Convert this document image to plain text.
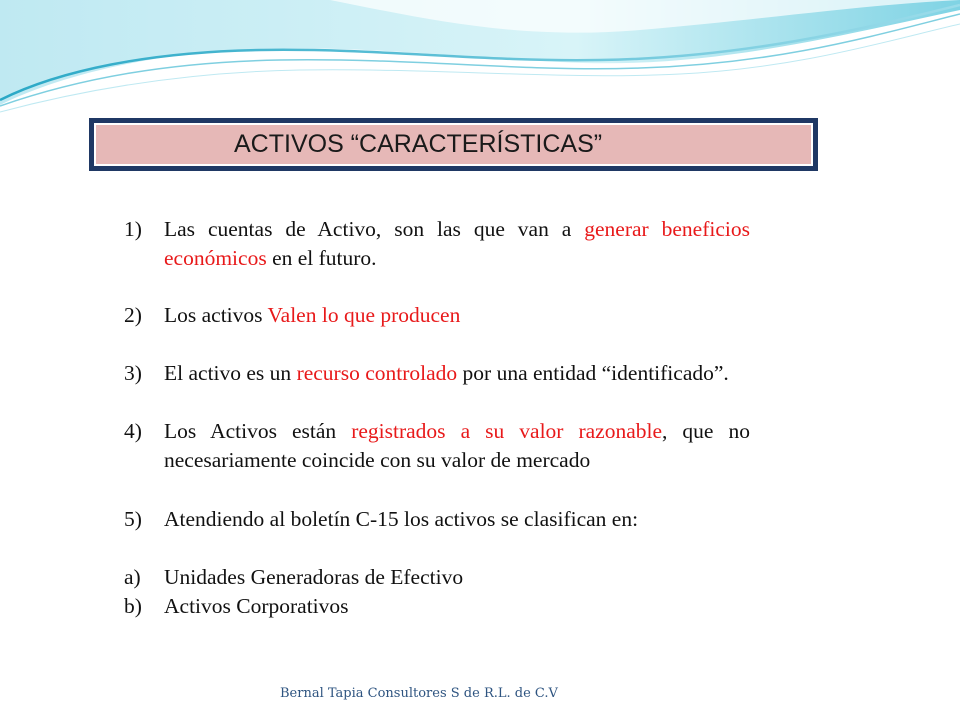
ACTIVOS “CARACTERÍSTICAS”
1) Las cuentas de Activo, son las que van a generar beneficios económicos en el futuro.
2) Los activos Valen lo que producen
3) El activo es un recurso controlado por una entidad “identificado”.
4) Los Activos están registrados a su valor razonable, que no necesariamente coincide con su valor de mercado
5) Atendiendo al boletín C-15 los activos se clasifican en:
a) Unidades Generadoras de Efectivo
b) Activos Corporativos
Bernal Tapia Consultores S de R.L. de C.V
